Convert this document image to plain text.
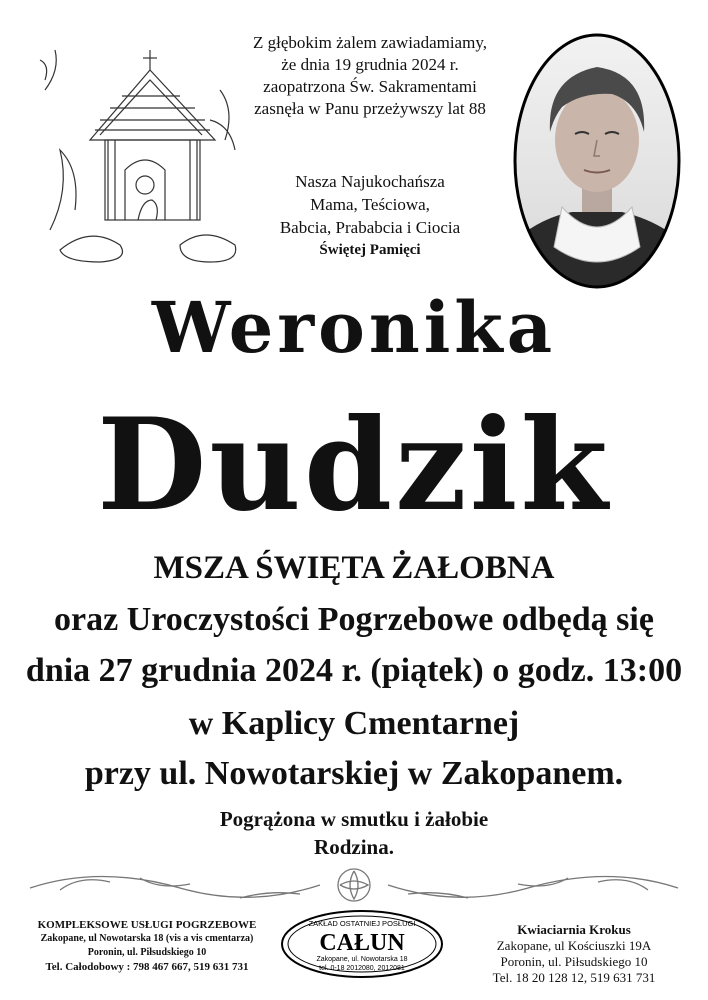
Z głębokim żalem zawiadamiamy,
że dnia 19 grudnia 2024 r.
zaopatrzona Św. Sakramentami
zasnęła w Panu przeżywszy lat 88
Nasza Najukochańsza
Mama, Teściowa,
Babcia, Prababcia i Ciocia
Świętej Pamięci
Weronika
Dudzik
MSZA ŚWIĘTA ŻAŁOBNA
oraz Uroczystości Pogrzebowe odbędą się
dnia 27 grudnia 2024 r. (piątek) o godz. 13:00
w Kaplicy Cmentarnej
przy ul. Nowotarskiej w Zakopanem.
Pogrążona w smutku i żałobie
Rodzina.
KOMPLEKSOWE USŁUGI POGRZEBOWE
Zakopane, ul Nowotarska 18 (vis a vis cmentarza)
Poronin, ul. Piłsudskiego 10
Tel. Całodobowy : 798 467 667, 519 631 731
ZAKŁAD OSTATNIEJ POSŁUGI
CAŁUN
Zakopane, ul. Nowotarska 18
tel. 0-18 2012080, 2012081
Kwiaciarnia Krokus
Zakopane, ul Kościuszki 19A
Poronin, ul. Piłsudskiego 10
Tel. 18 20 128 12, 519 631 731
